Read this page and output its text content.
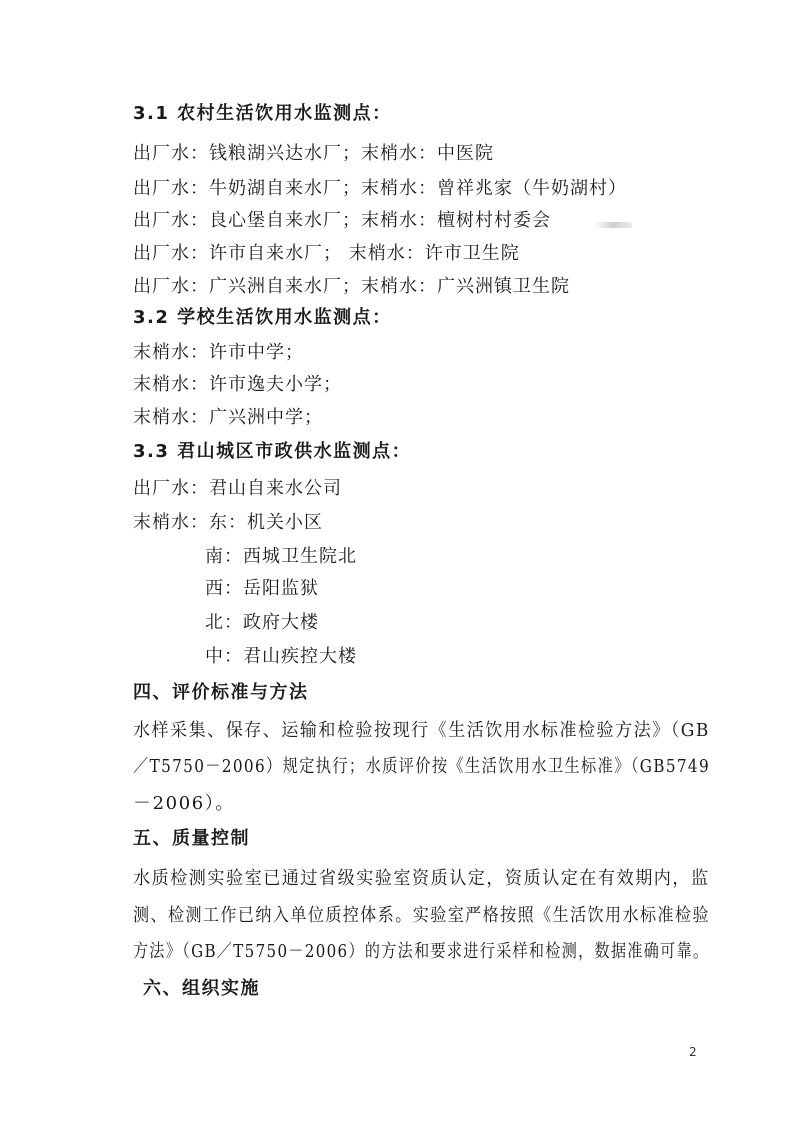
3.1 农村生活饮用水监测点：
出厂水：钱粮湖兴达水厂；末梢水：中医院
出厂水：牛奶湖自来水厂；末梢水：曾祥兆家（牛奶湖村）
出厂水：良心堡自来水厂；末梢水：檀树村村委会
出厂水：许市自来水厂； 末梢水：许市卫生院
出厂水：广兴洲自来水厂；末梢水：广兴洲镇卫生院
3.2 学校生活饮用水监测点：
末梢水：许市中学；
末梢水：许市逸夫小学；
末梢水：广兴洲中学；
3.3 君山城区市政供水监测点：
出厂水：君山自来水公司
末梢水：东：机关小区
南：西城卫生院北
西：岳阳监狱
北：政府大楼
中：君山疾控大楼
四、评价标准与方法
水样采集、保存、运输和检验按现行《生活饮用水标准检验方法》（GB
／T5750－2006）规定执行；水质评价按《生活饮用水卫生标准》（GB5749
－2006）。
五、质量控制
水质检测实验室已通过省级实验室资质认定，资质认定在有效期内，监
测、检测工作已纳入单位质控体系。实验室严格按照《生活饮用水标准检验
方法》（GB／T5750－2006）的方法和要求进行采样和检测，数据准确可靠。
六、组织实施
2
